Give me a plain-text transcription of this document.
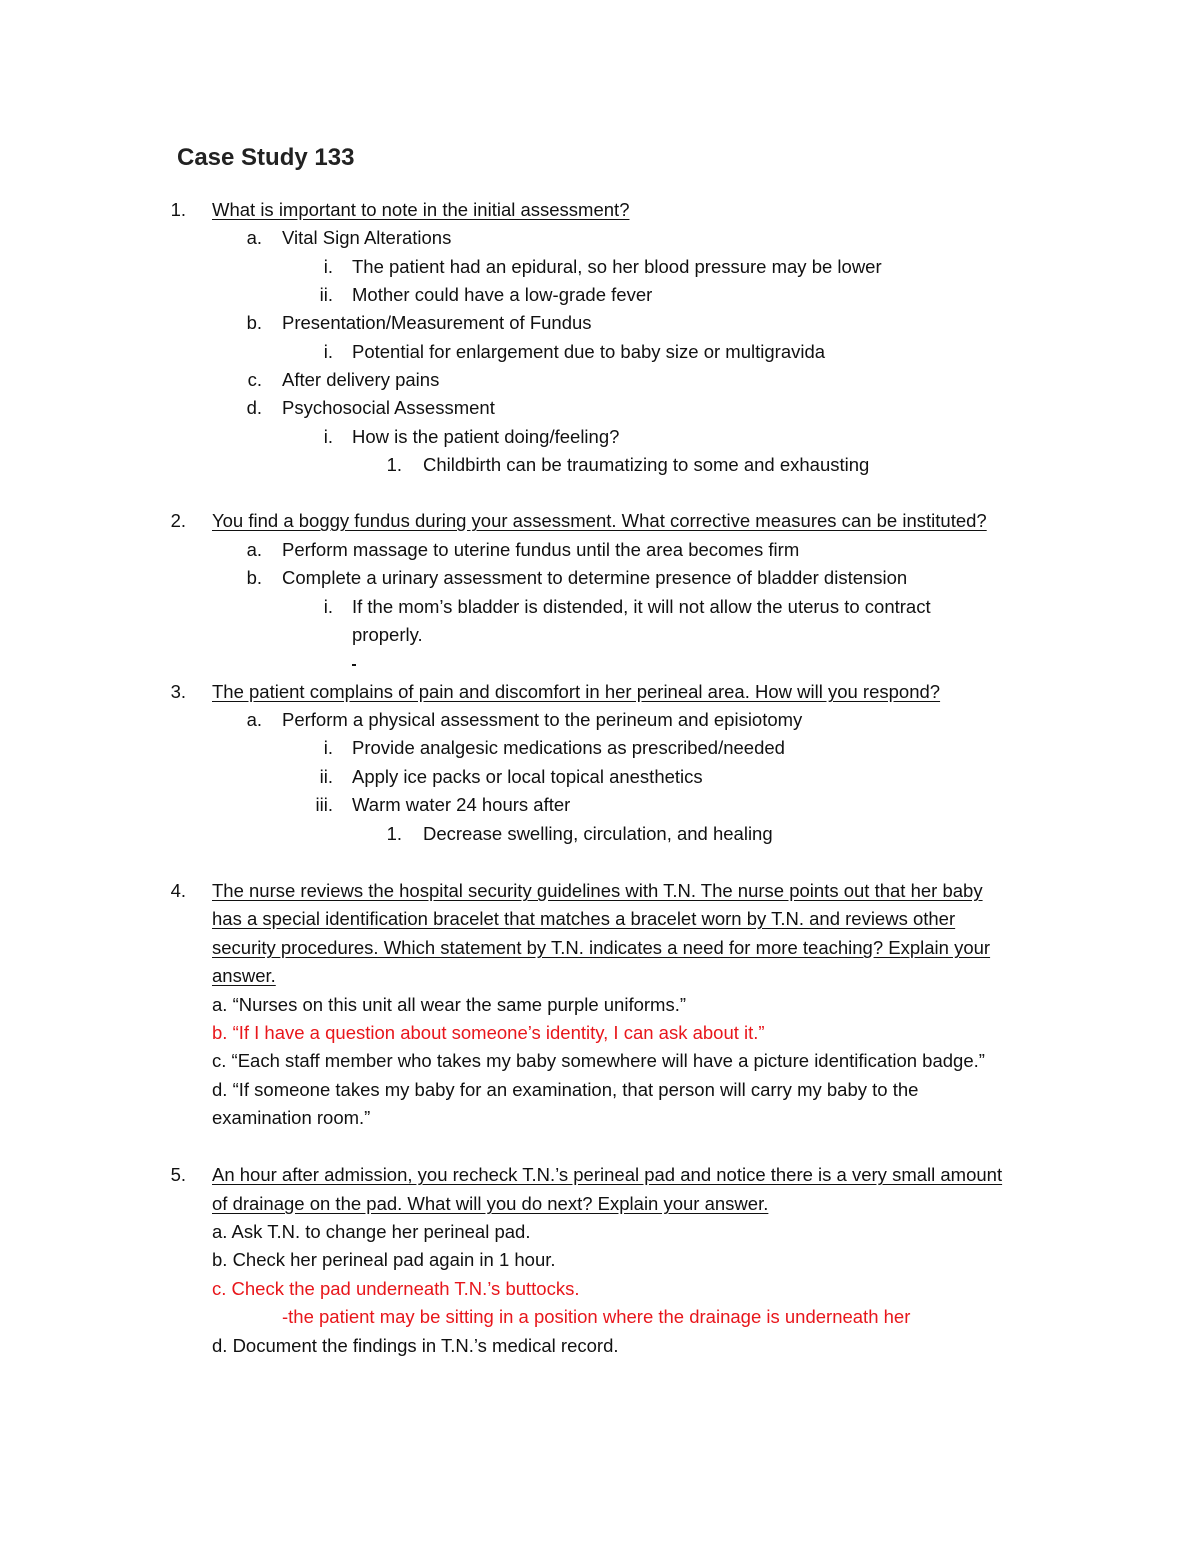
Case Study 133
1. What is important to note in the initial assessment?
a. Vital Sign Alterations
i. The patient had an epidural, so her blood pressure may be lower
ii. Mother could have a low-grade fever
b. Presentation/Measurement of Fundus
i. Potential for enlargement due to baby size or multigravida
c. After delivery pains
d. Psychosocial Assessment
i. How is the patient doing/feeling?
1. Childbirth can be traumatizing to some and exhausting
2. You find a boggy fundus during your assessment. What corrective measures can be instituted?
a. Perform massage to uterine fundus until the area becomes firm
b. Complete a urinary assessment to determine presence of bladder distension
i. If the mom’s bladder is distended, it will not allow the uterus to contract
properly.
3. The patient complains of pain and discomfort in her perineal area. How will you respond?
a. Perform a physical assessment to the perineum and episiotomy
i. Provide analgesic medications as prescribed/needed
ii. Apply ice packs or local topical anesthetics
iii. Warm water 24 hours after
1. Decrease swelling, circulation, and healing
4. The nurse reviews the hospital security guidelines with T.N. The nurse points out that her baby
has a special identification bracelet that matches a bracelet worn by T.N. and reviews other
security procedures. Which statement by T.N. indicates a need for more teaching? Explain your
answer.
a. “Nurses on this unit all wear the same purple uniforms.”
b. “If I have a question about someone’s identity, I can ask about it.”
c. “Each staff member who takes my baby somewhere will have a picture identification badge.”
d. “If someone takes my baby for an examination, that person will carry my baby to the
examination room.”
5. An hour after admission, you recheck T.N.’s perineal pad and notice there is a very small amount
of drainage on the pad. What will you do next? Explain your answer.
a. Ask T.N. to change her perineal pad.
b. Check her perineal pad again in 1 hour.
c. Check the pad underneath T.N.’s buttocks.
-the patient may be sitting in a position where the drainage is underneath her
d. Document the findings in T.N.’s medical record.
